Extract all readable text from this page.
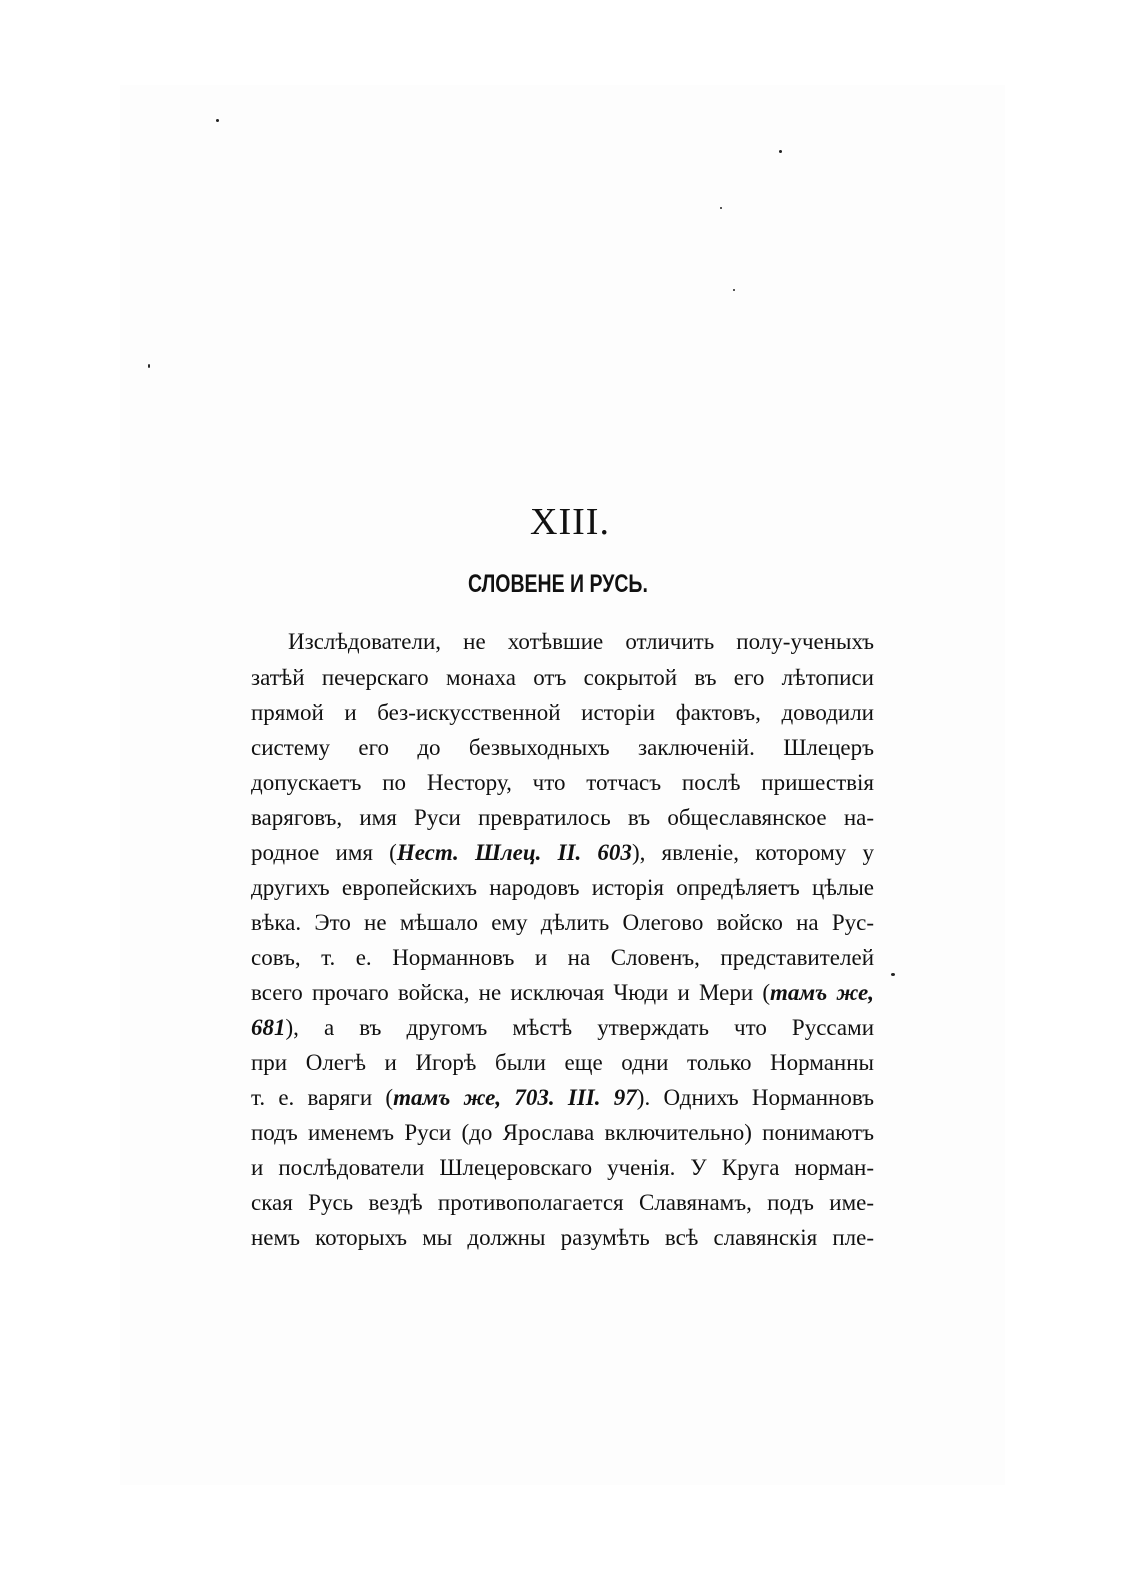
XIII.
СЛОВЕНЕ И РУСЬ.
Изслѣдователи, не хотѣвшие отличить полу-ученыхъ
затѣй печерскаго монаха отъ сокрытой въ его лѣтописи
прямой и без-искусственной исторіи фактовъ, доводили
систему его до безвыходныхъ заключеній. Шлецеръ
допускаетъ по Нестору, что тотчасъ послѣ пришествія
варяговъ, имя Руси превратилось въ общеславянское на-
родное имя (Нест. Шлец. II. 603), явленіе, которому у
другихъ европейскихъ народовъ исторія опредѣляетъ цѣлые
вѣка. Это не мѣшало ему дѣлить Олегово войско на Рус-
совъ, т. е. Норманновъ и на Словенъ, представителей
всего прочаго войска, не исключая Чюди и Мери (тамъ же,
681), а въ другомъ мѣстѣ утверждать что Руссами
при Олегѣ и Игорѣ были еще одни только Норманны
т. е. варяги (тамъ же, 703. III. 97). Однихъ Норманновъ
подъ именемъ Руси (до Ярослава включительно) понимаютъ
и послѣдователи Шлецеровскаго ученія. У Круга норман-
ская Русь вездѣ противополагается Славянамъ, подъ име-
немъ которыхъ мы должны разумѣть всѣ славянскія пле-
